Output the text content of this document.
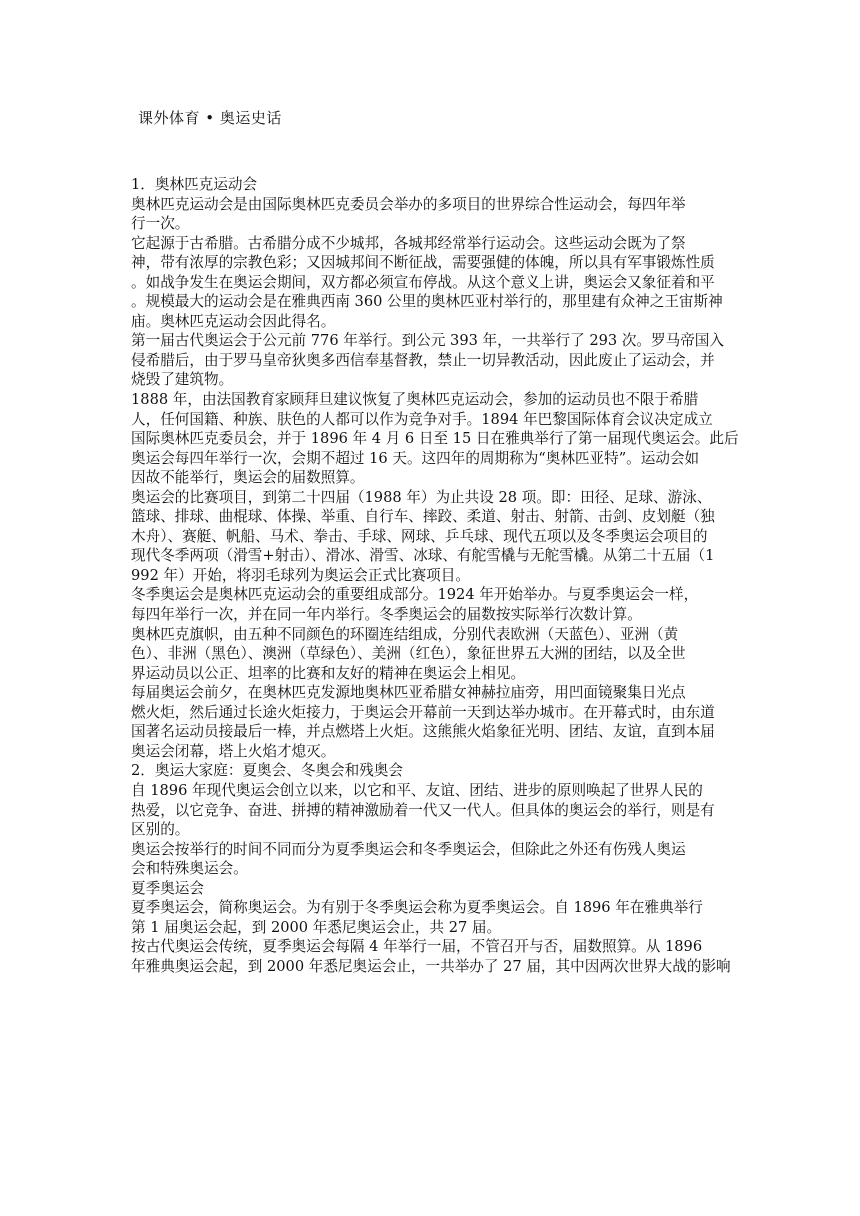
课外体育 • 奥运史话
1．奥林匹克运动会
奥林匹克运动会是由国际奥林匹克委员会举办的多项目的世界综合性运动会，每四年举
行一次。
它起源于古希腊。古希腊分成不少城邦，各城邦经常举行运动会。这些运动会既为了祭
神，带有浓厚的宗教色彩；又因城邦间不断征战，需要强健的体魄，所以具有军事锻炼性质
。如战争发生在奥运会期间，双方都必须宣布停战。从这个意义上讲，奥运会又象征着和平
。规模最大的运动会是在雅典西南 360 公里的奥林匹亚村举行的，那里建有众神之王宙斯神
庙。奥林匹克运动会因此得名。
第一届古代奥运会于公元前 776 年举行。到公元 393 年，一共举行了 293 次。罗马帝国入
侵希腊后，由于罗马皇帝狄奥多西信奉基督教，禁止一切异教活动，因此废止了运动会，并
烧毁了建筑物。
1888 年，由法国教育家顾拜旦建议恢复了奥林匹克运动会，参加的运动员也不限于希腊
人，任何国籍、种族、肤色的人都可以作为竞争对手。1894 年巴黎国际体育会议决定成立
国际奥林匹克委员会，并于 1896 年 4 月 6 日至 15 日在雅典举行了第一届现代奥运会。此后
奥运会每四年举行一次，会期不超过 16 天。这四年的周期称为“奥林匹亚特”。运动会如
因故不能举行，奥运会的届数照算。
奥运会的比赛项目，到第二十四届（1988 年）为止共设 28 项。即：田径、足球、游泳、
篮球、排球、曲棍球、体操、举重、自行车、摔跤、柔道、射击、射箭、击剑、皮划艇（独
木舟）、赛艇、帆船、马术、拳击、手球、网球、乒乓球、现代五项以及冬季奥运会项目的
现代冬季两项（滑雪+射击）、滑冰、滑雪、冰球、有舵雪橇与无舵雪橇。从第二十五届（1
992 年）开始，将羽毛球列为奥运会正式比赛项目。
冬季奥运会是奥林匹克运动会的重要组成部分。1924 年开始举办。与夏季奥运会一样，
每四年举行一次，并在同一年内举行。冬季奥运会的届数按实际举行次数计算。
奥林匹克旗帜，由五种不同颜色的环圈连结组成，分别代表欧洲（天蓝色）、亚洲（黄
色）、非洲（黑色）、澳洲（草绿色）、美洲（红色），象征世界五大洲的团结，以及全世
界运动员以公正、坦率的比赛和友好的精神在奥运会上相见。
每届奥运会前夕，在奥林匹克发源地奥林匹亚希腊女神赫拉庙旁，用凹面镜聚集日光点
燃火炬，然后通过长途火炬接力，于奥运会开幕前一天到达举办城市。在开幕式时，由东道
国著名运动员接最后一棒，并点燃塔上火炬。这熊熊火焰象征光明、团结、友谊，直到本届
奥运会闭幕，塔上火焰才熄灭。
2．奥运大家庭：夏奥会、冬奥会和残奥会
自 1896 年现代奥运会创立以来，以它和平、友谊、团结、进步的原则唤起了世界人民的
热爱，以它竞争、奋进、拼搏的精神激励着一代又一代人。但具体的奥运会的举行，则是有
区别的。
奥运会按举行的时间不同而分为夏季奥运会和冬季奥运会，但除此之外还有伤残人奥运
会和特殊奥运会。
夏季奥运会
夏季奥运会，简称奥运会。为有别于冬季奥运会称为夏季奥运会。自 1896 年在雅典举行
第 1 届奥运会起，到 2000 年悉尼奥运会止，共 27 届。
按古代奥运会传统，夏季奥运会每隔 4 年举行一届，不管召开与否，届数照算。从 1896
年雅典奥运会起，到 2000 年悉尼奥运会止，一共举办了 27 届，其中因两次世界大战的影响
